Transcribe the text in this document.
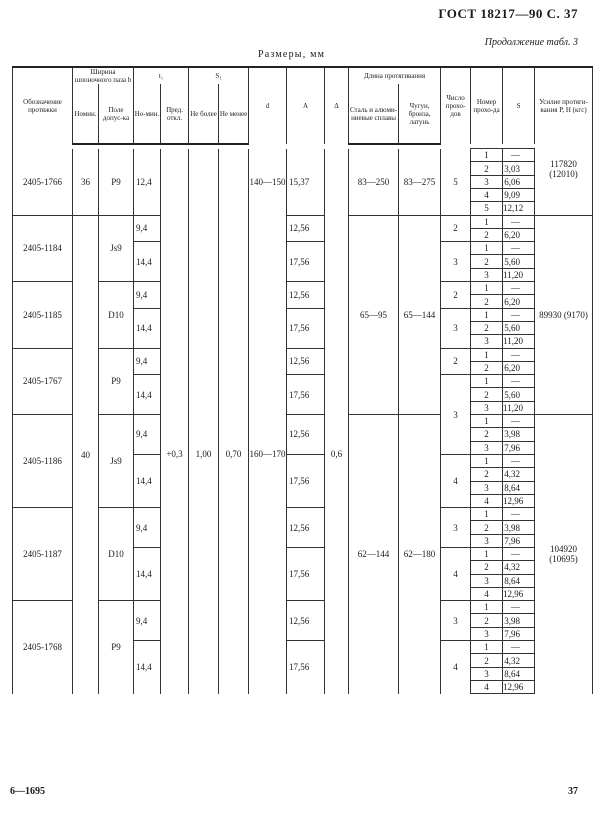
ГОСТ 18217—90 С. 37
Продолжение табл. 3
Размеры, мм
Обозначение протяжки	Ширина шпоночного паза b		t₁		S₁		d	A	Δ	Длина протягивания		Число прохо-дов	Номер прохо-да	S	Усилие протяги-вания P, Н (кгс)
	Номин.	Поле допус-ка	Но-мин.	Пред. откл.	Не более	Не менее				Сталь и алюми-ниевые сплавы	Чугун, бронза, латунь				

2405-1766	36	P9	12,4				140—150	15,37		83—250	83—275	5	1	—	117820 (12010)
													2	3,03	
													3	6,06	
													4	9,09	
													5	12,12	
2405-1184	40	Js9	9,4	+0,3	1,00	0,70	160—170	12,56	0,6	65—95	65—144	2	1	—	89930 (9170)
													2	6,20	
			14,4					17,56				3	1	—	
													2	5,60	
													3	11,20	
2405-1185		D10	9,4					12,56				2	1	—	
													2	6,20	
			14,4					17,56				3	1	—	
													2	5,60	
													3	11,20	
2405-1767		P9	9,4					12,56				2	1	—	
													2	6,20	
			14,4					17,56				3	1	—	
													2	5,60	
													3	11,20	
2405-1186		Js9	9,4					12,56		62—144	62—180		1	—	104920 (10695)
													2	3,98	
													3	7,96	
			14,4					17,56				4	1	—	
													2	4,32	
													3	8,64	
													4	12,96	
2405-1187		D10	9,4					12,56				3	1	—	
													2	3,98	
													3	7,96	
			14,4					17,56				4	1	—	
													2	4,32	
													3	8,64	
													4	12,96	
2405-1768		P9	9,4					12,56				3	1	—	
													2	3,98	
													3	7,96	
			14,4					17,56				4	1	—	
													2	4,32	
													3	8,64	
													4	12,96	
6—1695	37
